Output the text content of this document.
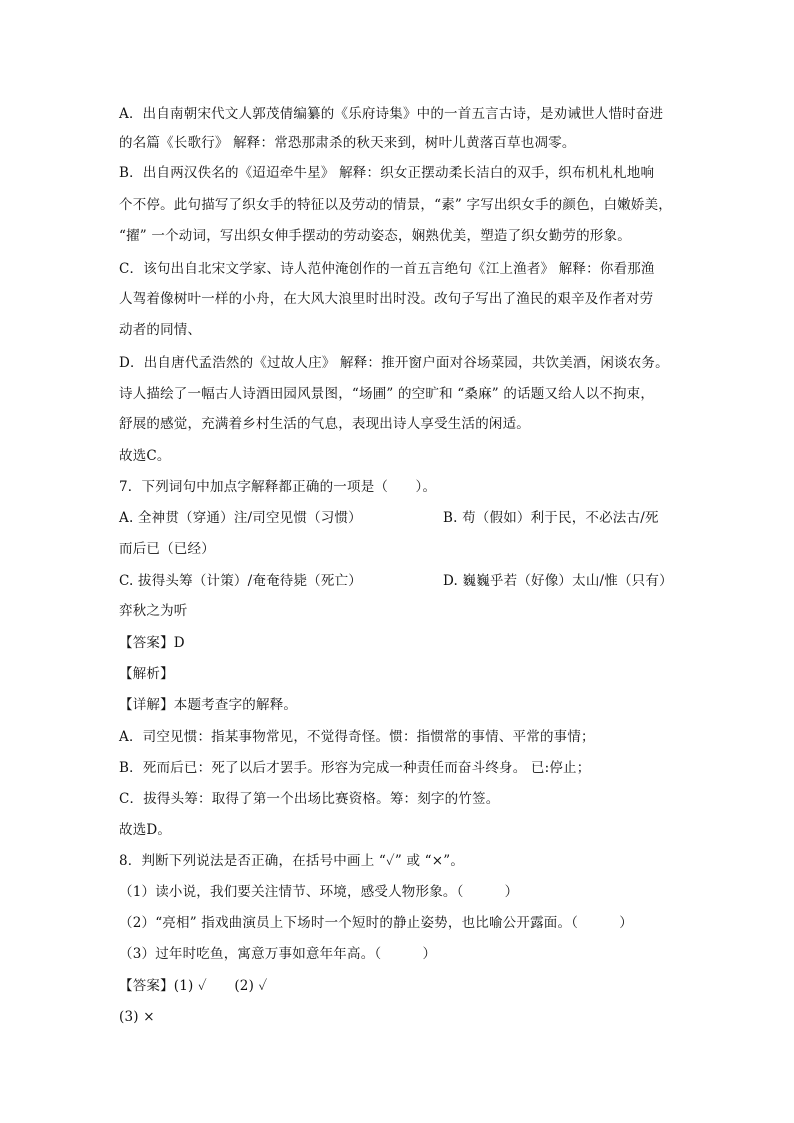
A．出自南朝宋代文人郭茂倩编纂的《乐府诗集》中的一首五言古诗，是劝诫世人惜时奋进
的名篇《长歌行》 解释：常恐那肃杀的秋天来到，树叶儿黄落百草也凋零。
B．出自两汉佚名的《迢迢牵牛星》 解释：织女正摆动柔长洁白的双手，织布机札札地响
个不停。此句描写了织女手的特征以及劳动的情景，“素” 字写出织女手的颜色，白嫩娇美，
“擢” 一个动词，写出织女伸手摆动的劳动姿态，娴熟优美，塑造了织女勤劳的形象。
C．该句出自北宋文学家、诗人范仲淹创作的一首五言绝句《江上渔者》 解释：你看那渔
人驾着像树叶一样的小舟，在大风大浪里时出时没。改句子写出了渔民的艰辛及作者对劳
动者的同情、
D．出自唐代孟浩然的《过故人庄》 解释：推开窗户面对谷场菜园，共饮美酒，闲谈农务。
诗人描绘了一幅古人诗酒田园风景图，“场圃” 的空旷和 “桑麻” 的话题又给人以不拘束，
舒展的感觉，充满着乡村生活的气息，表现出诗人享受生活的闲适。
故选C。
7．下列词句中加点字解释都正确的一项是（　　）。
A. 全神贯（穿通）注/司空见惯（习惯）	B. 苟（假如）利于民，不必法古/死
而后已（已经）
C. 拔得头筹（计策）/奄奄待毙（死亡）	D. 巍巍乎若（好像）太山/惟（只有）
弈秋之为听
【答案】D
【解析】
【详解】本题考查字的解释。
A．司空见惯：指某事物常见，不觉得奇怪。惯：指惯常的事情、平常的事情；
B．死而后已：死了以后才罢手。形容为完成一种责任而奋斗终身。 已:停止；
C．拔得头筹：取得了第一个出场比赛资格。筹：刻字的竹签。
故选D。
8．判断下列说法是否正确，在括号中画上 “✓” 或 “×”。
（1）读小说，我们要关注情节、环境，感受人物形象。（　　　）
（2）“亮相” 指戏曲演员上下场时一个短时的静止姿势，也比喻公开露面。（　　　）
（3）过年时吃鱼，寓意万事如意年年高。（　　　）
【答案】(1) ✓　　(2) ✓
(3) ×
